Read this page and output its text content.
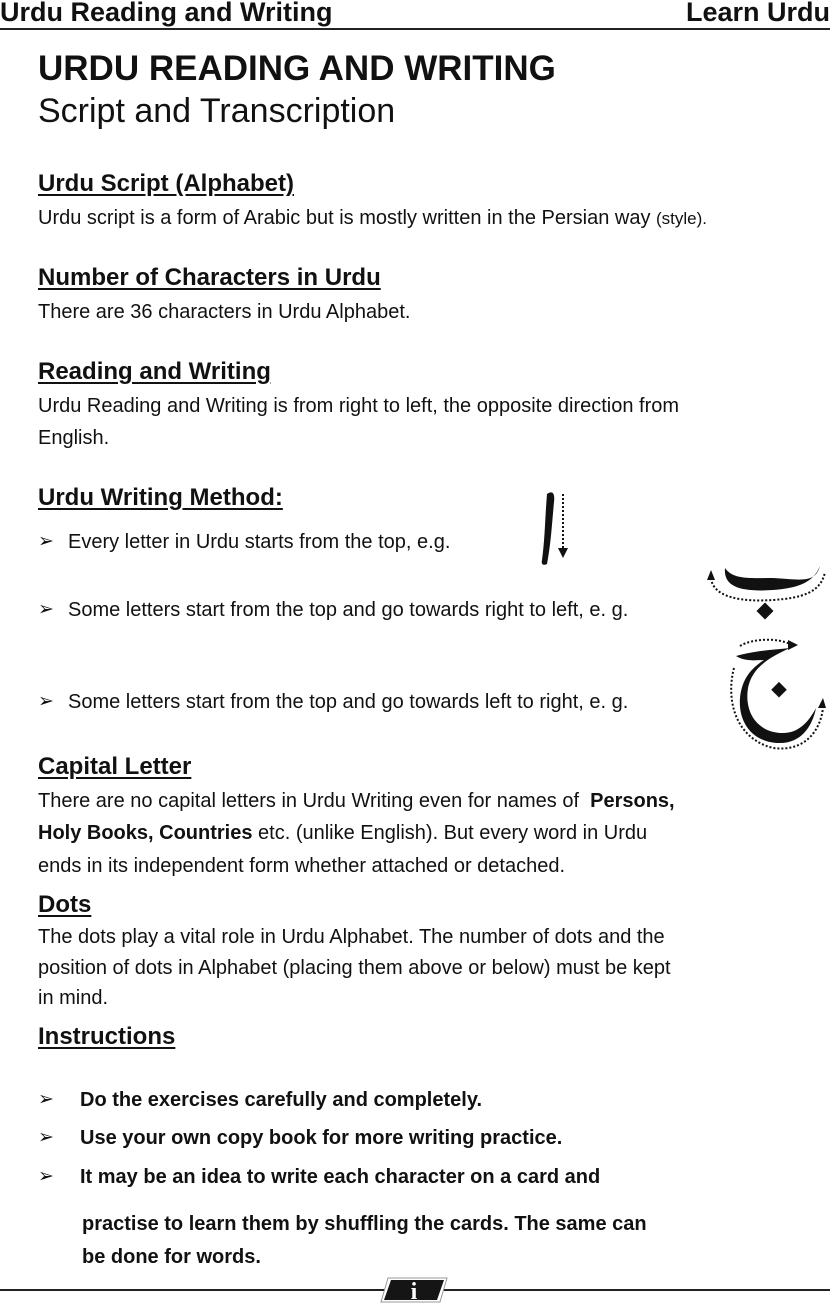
Urdu Reading and Writing	Learn Urdu
URDU READING AND WRITING
Script and Transcription
Urdu Script (Alphabet)
Urdu script is a form of Arabic but is mostly written in the Persian way (style).
Number of Characters in Urdu
There are 36 characters in Urdu Alphabet.
Reading and Writing
Urdu Reading and Writing is from right to left, the opposite direction from
English.
Urdu Writing Method:
➢ Every letter in Urdu starts from the top, e.g.
➢ Some letters start from the top and go towards right to left, e. g.
➢ Some letters start from the top and go towards left to right, e. g.
Capital Letter
There are no capital letters in Urdu Writing even for names of Persons,
Holy Books, Countries etc. (unlike English). But every word in Urdu
ends in its independent form whether attached or detached.
Dots
The dots play a vital role in Urdu Alphabet. The number of dots and the
position of dots in Alphabet (placing them above or below) must be kept
in mind.
Instructions
➢ Do the exercises carefully and completely.
➢ Use your own copy book for more writing practice.
➢ It may be an idea to write each character on a card and
practise to learn them by shuffling the cards. The same can
be done for words.
i
